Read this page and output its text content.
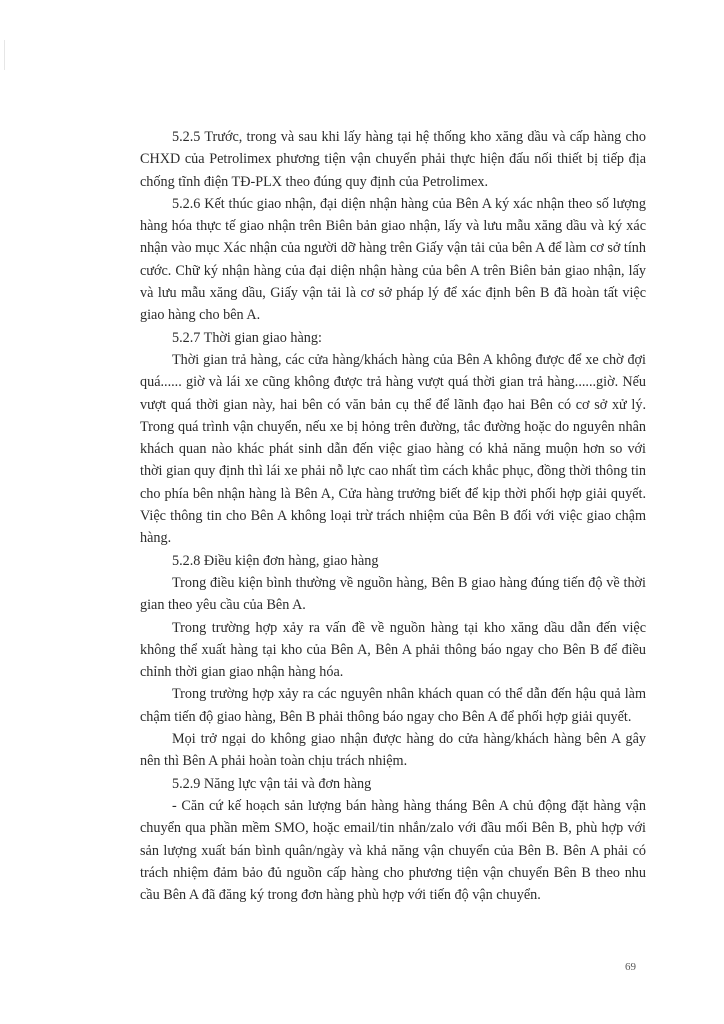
5.2.5 Trước, trong và sau khi lấy hàng tại hệ thống kho xăng dầu và cấp hàng cho CHXD của Petrolimex phương tiện vận chuyển phải thực hiện đấu nối thiết bị tiếp địa chống tĩnh điện TĐ-PLX theo đúng quy định của Petrolimex.

5.2.6 Kết thúc giao nhận, đại diện nhận hàng của Bên A ký xác nhận theo số lượng hàng hóa thực tế giao nhận trên Biên bản giao nhận, lấy và lưu mẫu xăng dầu và ký xác nhận vào mục Xác nhận của người dỡ hàng trên Giấy vận tải của bên A để làm cơ sở tính cước. Chữ ký nhận hàng của đại diện nhận hàng của bên A trên Biên bản giao nhận, lấy và lưu mẫu xăng dầu, Giấy vận tải là cơ sở pháp lý để xác định bên B đã hoàn tất việc giao hàng cho bên A.

5.2.7 Thời gian giao hàng:

Thời gian trả hàng, các cửa hàng/khách hàng của Bên A không được để xe chờ đợi quá...... giờ và lái xe cũng không được trả hàng vượt quá thời gian trả hàng......giờ. Nếu vượt quá thời gian này, hai bên có văn bản cụ thể để lãnh đạo hai Bên có cơ sở xử lý. Trong quá trình vận chuyển, nếu xe bị hỏng trên đường, tắc đường hoặc do nguyên nhân khách quan nào khác phát sinh dẫn đến việc giao hàng có khả năng muộn hơn so với thời gian quy định thì lái xe phải nỗ lực cao nhất tìm cách khắc phục, đồng thời thông tin cho phía bên nhận hàng là Bên A, Cửa hàng trưởng biết để kịp thời phối hợp giải quyết. Việc thông tin cho Bên A không loại trừ trách nhiệm của Bên B đối với việc giao chậm hàng.

5.2.8 Điều kiện đơn hàng, giao hàng

Trong điều kiện bình thường về nguồn hàng, Bên B giao hàng đúng tiến độ về thời gian theo yêu cầu của Bên A.

Trong trường hợp xảy ra vấn đề về nguồn hàng tại kho xăng dầu dẫn đến việc không thể xuất hàng tại kho của Bên A, Bên A phải thông báo ngay cho Bên B để điều chỉnh thời gian giao nhận hàng hóa.

Trong trường hợp xảy ra các nguyên nhân khách quan có thể dẫn đến hậu quả làm chậm tiến độ giao hàng, Bên B phải thông báo ngay cho Bên A để phối hợp giải quyết.

Mọi trở ngại do không giao nhận được hàng do cửa hàng/khách hàng bên A gây nên thì Bên A phải hoàn toàn chịu trách nhiệm.

5.2.9 Năng lực vận tải và đơn hàng

- Căn cứ kế hoạch sản lượng bán hàng hàng tháng Bên A chủ động đặt hàng vận chuyển qua phần mềm SMO, hoặc email/tin nhắn/zalo với đầu mối Bên B, phù hợp với sản lượng xuất bán bình quân/ngày và khả năng vận chuyển của Bên B. Bên A phải có trách nhiệm đảm bảo đủ nguồn cấp hàng cho phương tiện vận chuyển Bên B theo nhu cầu Bên A đã đăng ký trong đơn hàng phù hợp với tiến độ vận chuyển.

69
